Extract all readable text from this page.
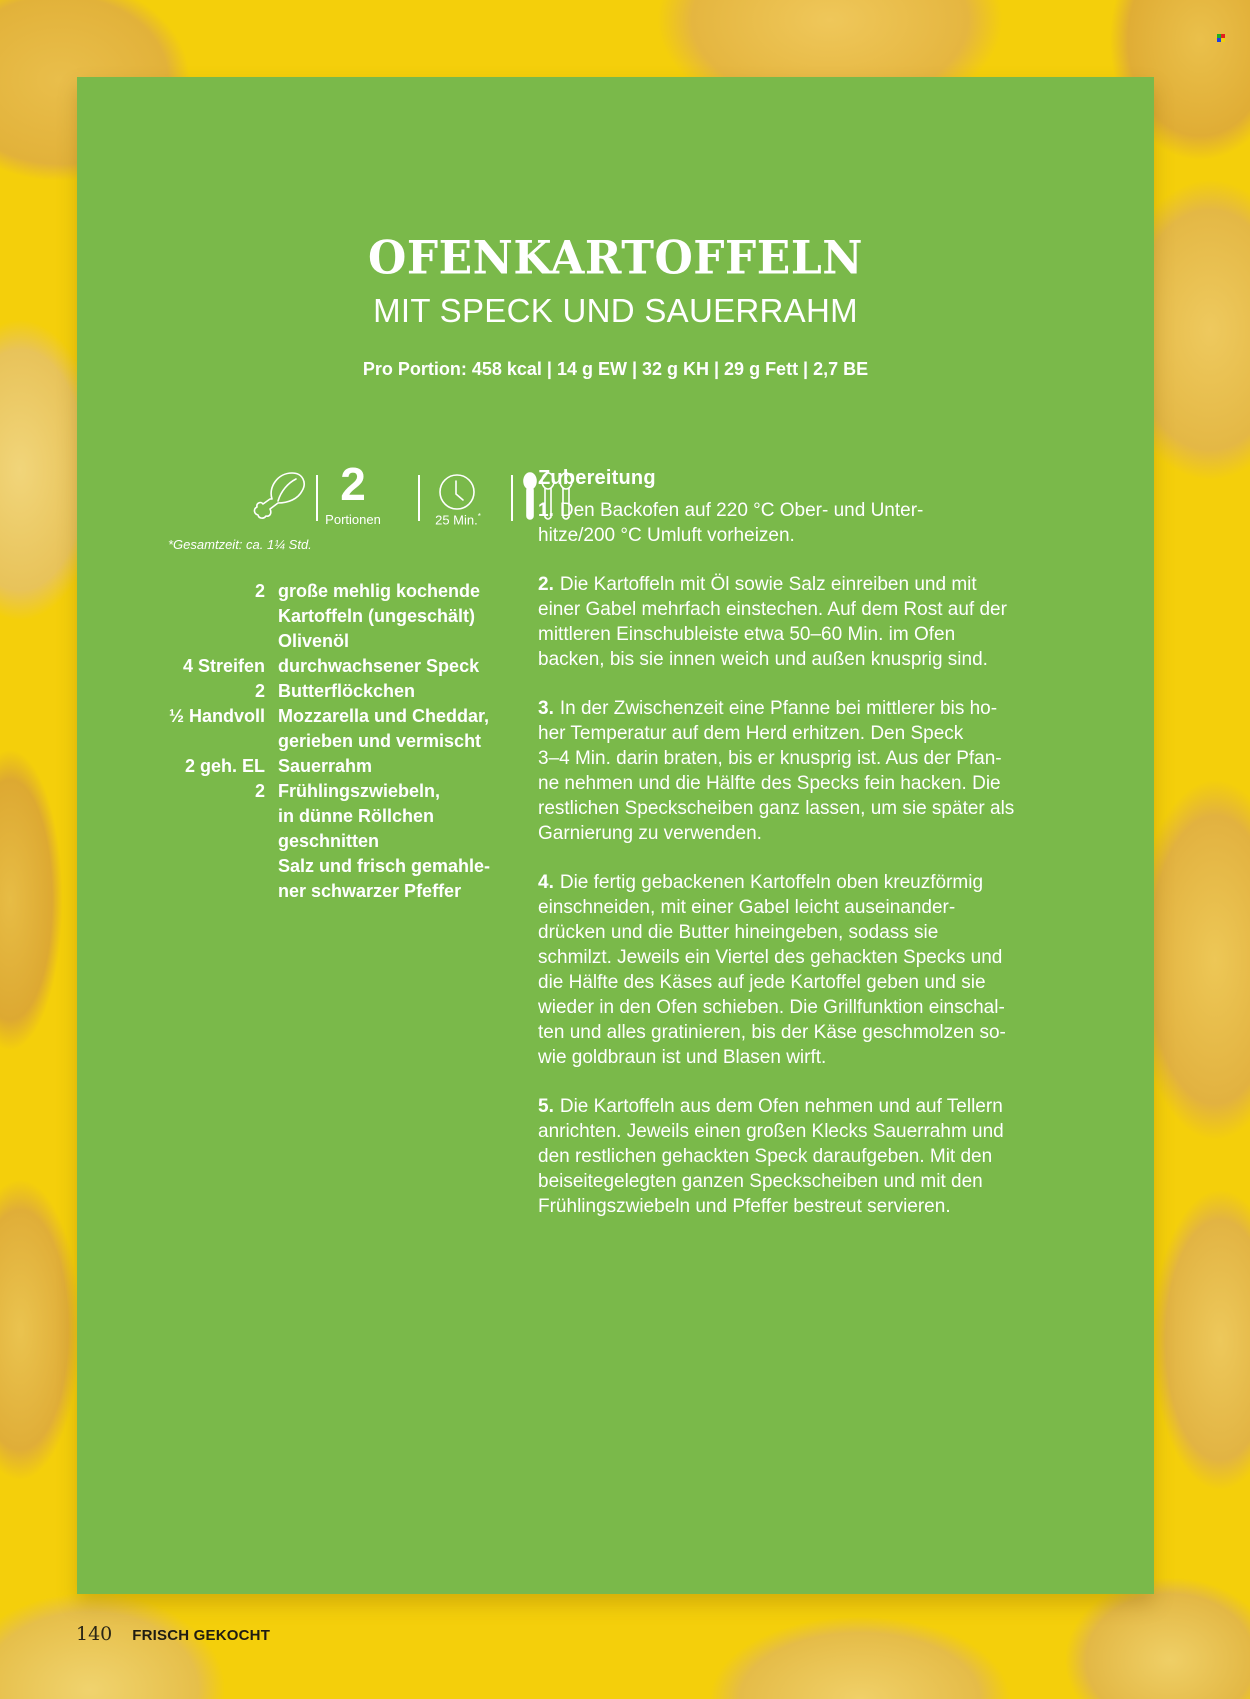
OFENKARTOFFELN
MIT SPECK UND SAUERRAHM
Pro Portion: 458 kcal | 14 g EW | 32 g KH | 29 g Fett | 2,7 BE
2
Portionen	25 Min.*
*Gesamtzeit: ca. 1¼ Std.
2 große mehlig kochende
Kartoffeln (ungeschält)
Olivenöl
4 Streifen durchwachsener Speck
2 Butterflöckchen
½ Handvoll Mozzarella und Cheddar,
gerieben und vermischt
2 geh. EL Sauerrahm
2 Frühlingszwiebeln,
in dünne Röllchen
geschnitten
Salz und frisch gemahle-
ner schwarzer Pfeffer
Zubereitung
1. Den Backofen auf 220 °C Ober- und Unter-
hitze/200 °C Umluft vorheizen.
2. Die Kartoffeln mit Öl sowie Salz einreiben und mit
einer Gabel mehrfach einstechen. Auf dem Rost auf der
mittleren Einschubleiste etwa 50–60 Min. im Ofen
backen, bis sie innen weich und außen knusprig sind.
3. In der Zwischenzeit eine Pfanne bei mittlerer bis ho-
her Temperatur auf dem Herd erhitzen. Den Speck
3–4 Min. darin braten, bis er knusprig ist. Aus der Pfan-
ne nehmen und die Hälfte des Specks fein hacken. Die
restlichen Speckscheiben ganz lassen, um sie später als
Garnierung zu verwenden.
4. Die fertig gebackenen Kartoffeln oben kreuzförmig
einschneiden, mit einer Gabel leicht auseinander-
drücken und die Butter hineingeben, sodass sie
schmilzt. Jeweils ein Viertel des gehackten Specks und
die Hälfte des Käses auf jede Kartoffel geben und sie
wieder in den Ofen schieben. Die Grillfunktion einschal-
ten und alles gratinieren, bis der Käse geschmolzen so-
wie goldbraun ist und Blasen wirft.
5. Die Kartoffeln aus dem Ofen nehmen und auf Tellern
anrichten. Jeweils einen großen Klecks Sauerrahm und
den restlichen gehackten Speck daraufgeben. Mit den
beiseitegelegten ganzen Speckscheiben und mit den
Frühlingszwiebeln und Pfeffer bestreut servieren.
140 FRISCH GEKOCHT
